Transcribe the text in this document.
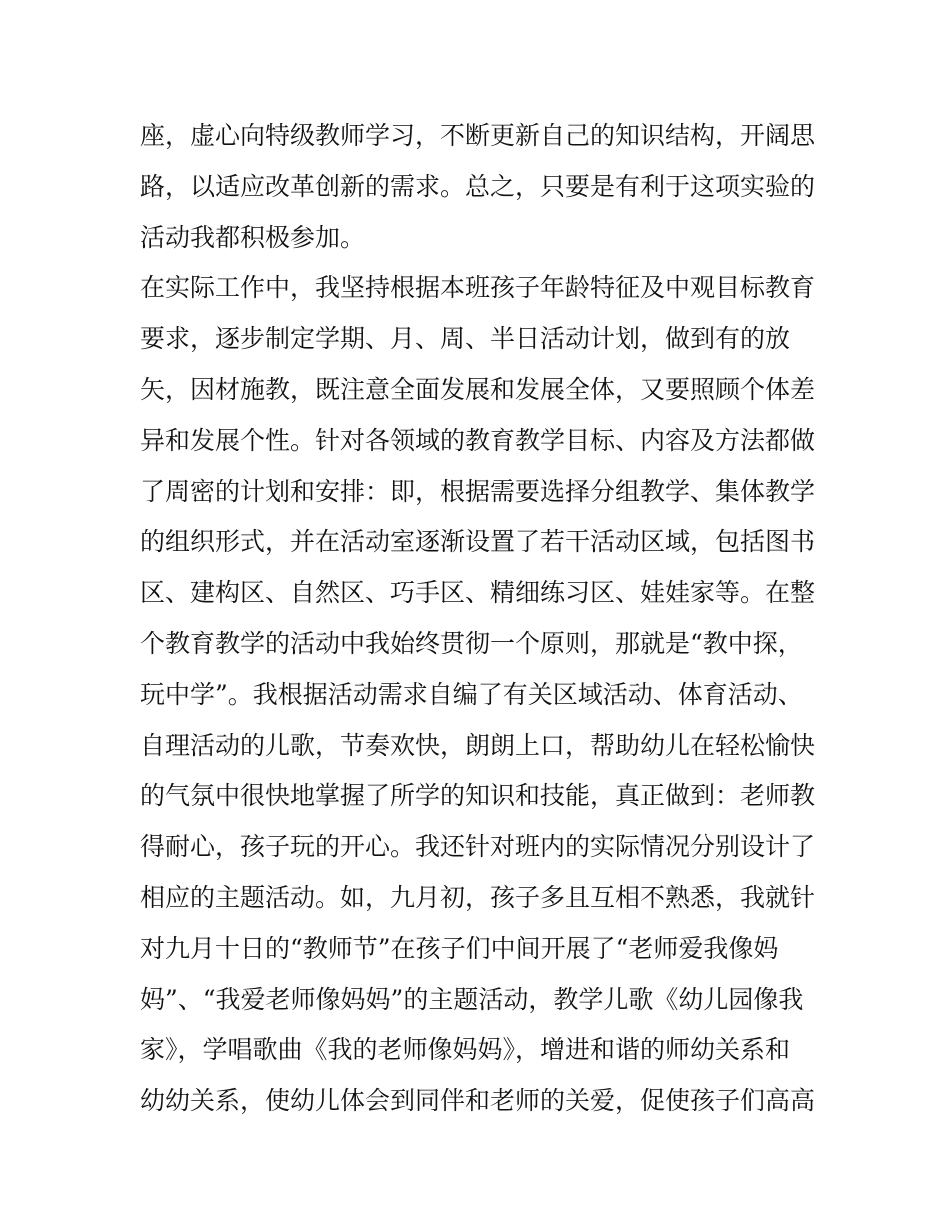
座，虚心向特级教师学习，不断更新自己的知识结构，开阔思
路，以适应改革创新的需求。总之，只要是有利于这项实验的
活动我都积极参加。
在实际工作中，我坚持根据本班孩子年龄特征及中观目标教育
要求，逐步制定学期、月、周、半日活动计划，做到有的放
矢，因材施教，既注意全面发展和发展全体，又要照顾个体差
异和发展个性。针对各领域的教育教学目标、内容及方法都做
了周密的计划和安排：即，根据需要选择分组教学、集体教学
的组织形式，并在活动室逐渐设置了若干活动区域，包括图书
区、建构区、自然区、巧手区、精细练习区、娃娃家等。在整
个教育教学的活动中我始终贯彻一个原则，那就是“教中探，
玩中学”。我根据活动需求自编了有关区域活动、体育活动、
自理活动的儿歌，节奏欢快，朗朗上口，帮助幼儿在轻松愉快
的气氛中很快地掌握了所学的知识和技能，真正做到：老师教
得耐心，孩子玩的开心。我还针对班内的实际情况分别设计了
相应的主题活动。如，九月初，孩子多且互相不熟悉，我就针
对九月十日的“教师节”在孩子们中间开展了“老师爱我像妈
妈”、“我爱老师像妈妈”的主题活动，教学儿歌《幼儿园像我
家》，学唱歌曲《我的老师像妈妈》，增进和谐的师幼关系和
幼幼关系，使幼儿体会到同伴和老师的关爱，促使孩子们高高
